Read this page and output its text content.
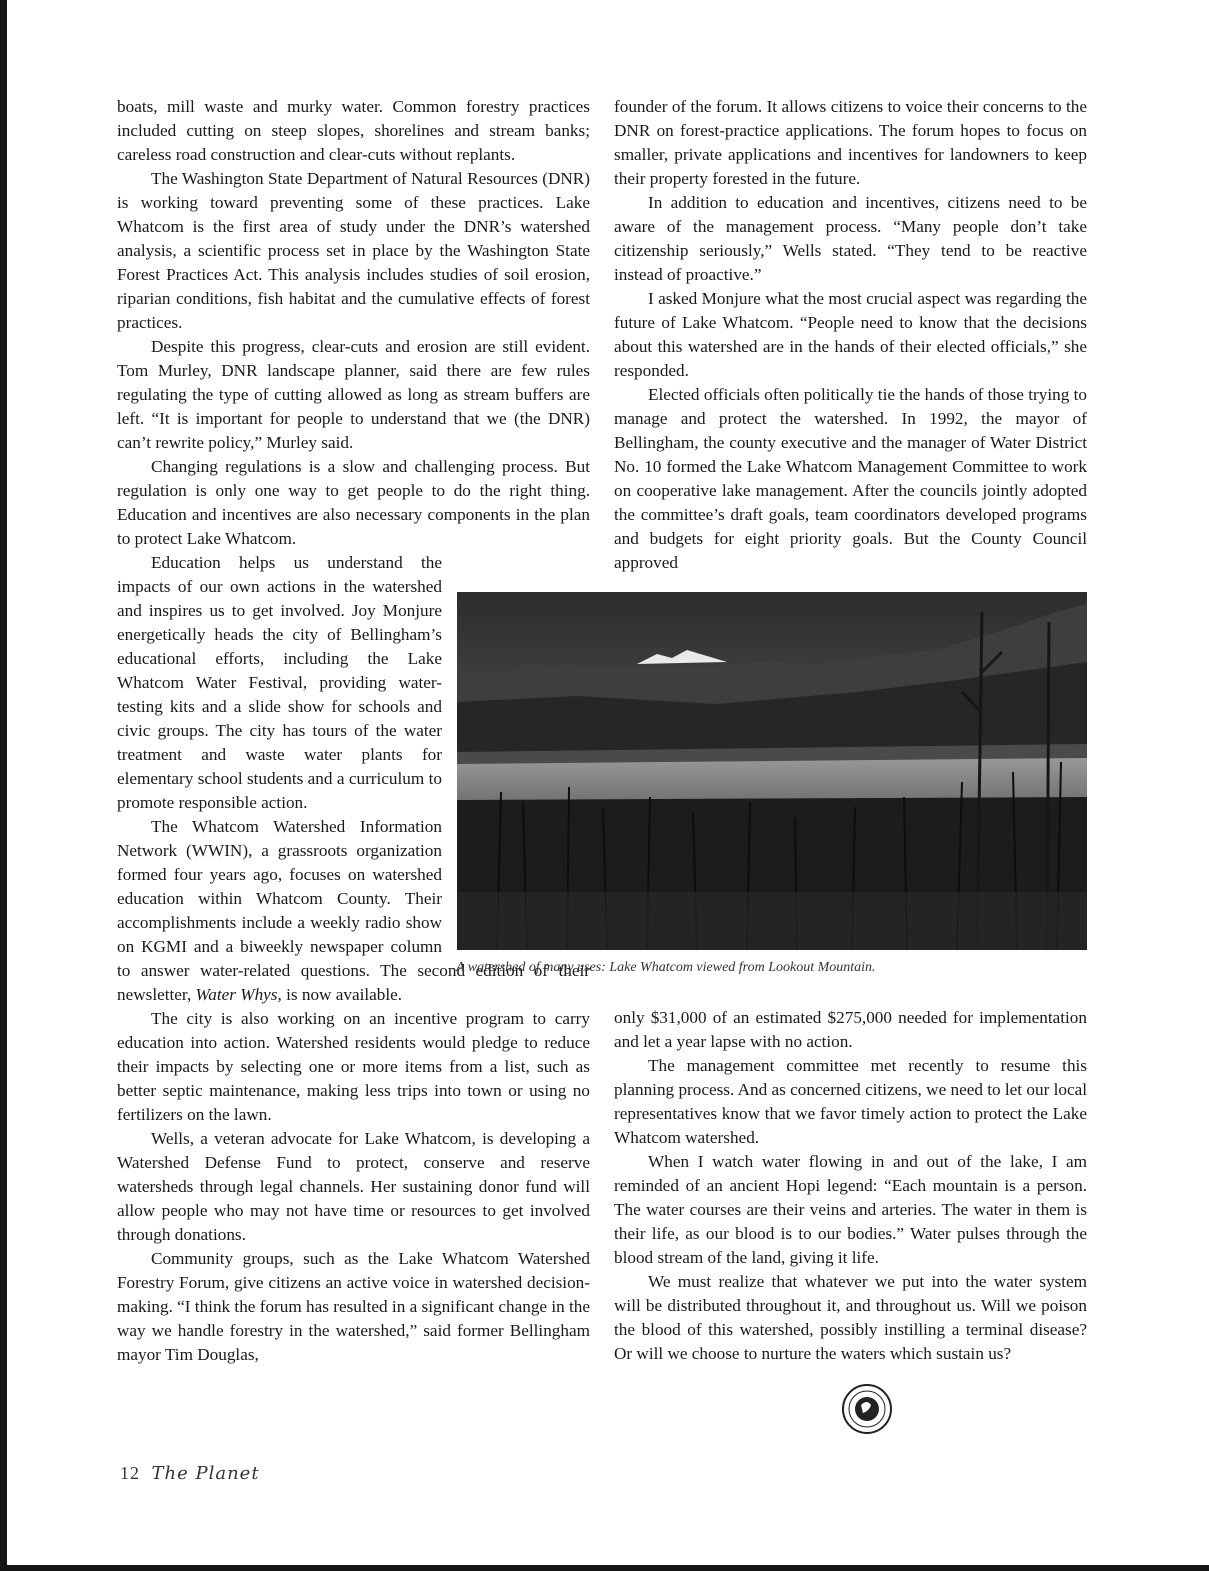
boats, mill waste and murky water. Common forestry practices included cutting on steep slopes, shorelines and stream banks; careless road construction and clear-cuts without replants.

The Washington State Department of Natural Resources (DNR) is working toward preventing some of these practices. Lake Whatcom is the first area of study under the DNR’s watershed analysis, a scientific process set in place by the Washington State Forest Practices Act. This analysis includes studies of soil erosion, riparian conditions, fish habitat and the cumulative effects of forest practices.

Despite this progress, clear-cuts and erosion are still evident. Tom Murley, DNR landscape planner, said there are few rules regulating the type of cutting allowed as long as stream buffers are left. “It is important for people to understand that we (the DNR) can’t rewrite policy,” Murley said.

Changing regulations is a slow and challenging process. But regulation is only one way to get people to do the right thing. Education and incentives are also necessary components in the plan to protect Lake Whatcom.

Education helps us understand the impacts of our own actions in the watershed and inspires us to get involved. Joy Monjure energetically heads the city of Bellingham’s educational efforts, including the Lake Whatcom Water Festival, providing water-testing kits and a slide show for schools and civic groups. The city has tours of the water treatment and waste water plants for elementary school students and a curriculum to promote responsible action.

The Whatcom Watershed Information Network (WWIN), a grassroots organization formed four years ago, focuses on watershed education within Whatcom County. Their accomplishments include a weekly radio show on KGMI and a biweekly newspaper column to answer water-related questions. The second edition of their newsletter, Water Whys, is now available.

The city is also working on an incentive program to carry education into action. Watershed residents would pledge to reduce their impacts by selecting one or more items from a list, such as better septic maintenance, making less trips into town or using no fertilizers on the lawn.

Wells, a veteran advocate for Lake Whatcom, is developing a Watershed Defense Fund to protect, conserve and reserve watersheds through legal channels. Her sustaining donor fund will allow people who may not have time or resources to get involved through donations.

Community groups, such as the Lake Whatcom Watershed Forestry Forum, give citizens an active voice in watershed decision-making. “I think the forum has resulted in a significant change in the way we handle forestry in the watershed,” said former Bellingham mayor Tim Douglas,

founder of the forum. It allows citizens to voice their concerns to the DNR on forest-practice applications. The forum hopes to focus on smaller, private applications and incentives for landowners to keep their property forested in the future.

In addition to education and incentives, citizens need to be aware of the management process. “Many people don’t take citizenship seriously,” Wells stated. “They tend to be reactive instead of proactive.”

I asked Monjure what the most crucial aspect was regarding the future of Lake Whatcom. “People need to know that the decisions about this watershed are in the hands of their elected officials,” she responded.

Elected officials often politically tie the hands of those trying to manage and protect the watershed. In 1992, the mayor of Bellingham, the county executive and the manager of Water District No. 10 formed the Lake Whatcom Management Committee to work on cooperative lake management. After the councils jointly adopted the committee’s draft goals, team coordinators developed programs and budgets for eight priority goals. But the County Council approved

A watershed of many uses: Lake Whatcom viewed from Lookout Mountain.

only $31,000 of an estimated $275,000 needed for implementation and let a year lapse with no action.

The management committee met recently to resume this planning process. And as concerned citizens, we need to let our local representatives know that we favor timely action to protect the Lake Whatcom watershed.

When I watch water flowing in and out of the lake, I am reminded of an ancient Hopi legend: “Each mountain is a person. The water courses are their veins and arteries. The water in them is their life, as our blood is to our bodies.” Water pulses through the blood stream of the land, giving it life.

We must realize that whatever we put into the water system will be distributed throughout it, and throughout us. Will we poison the blood of this watershed, possibly instilling a terminal disease? Or will we choose to nurture the waters which sustain us?

12 The Planet
